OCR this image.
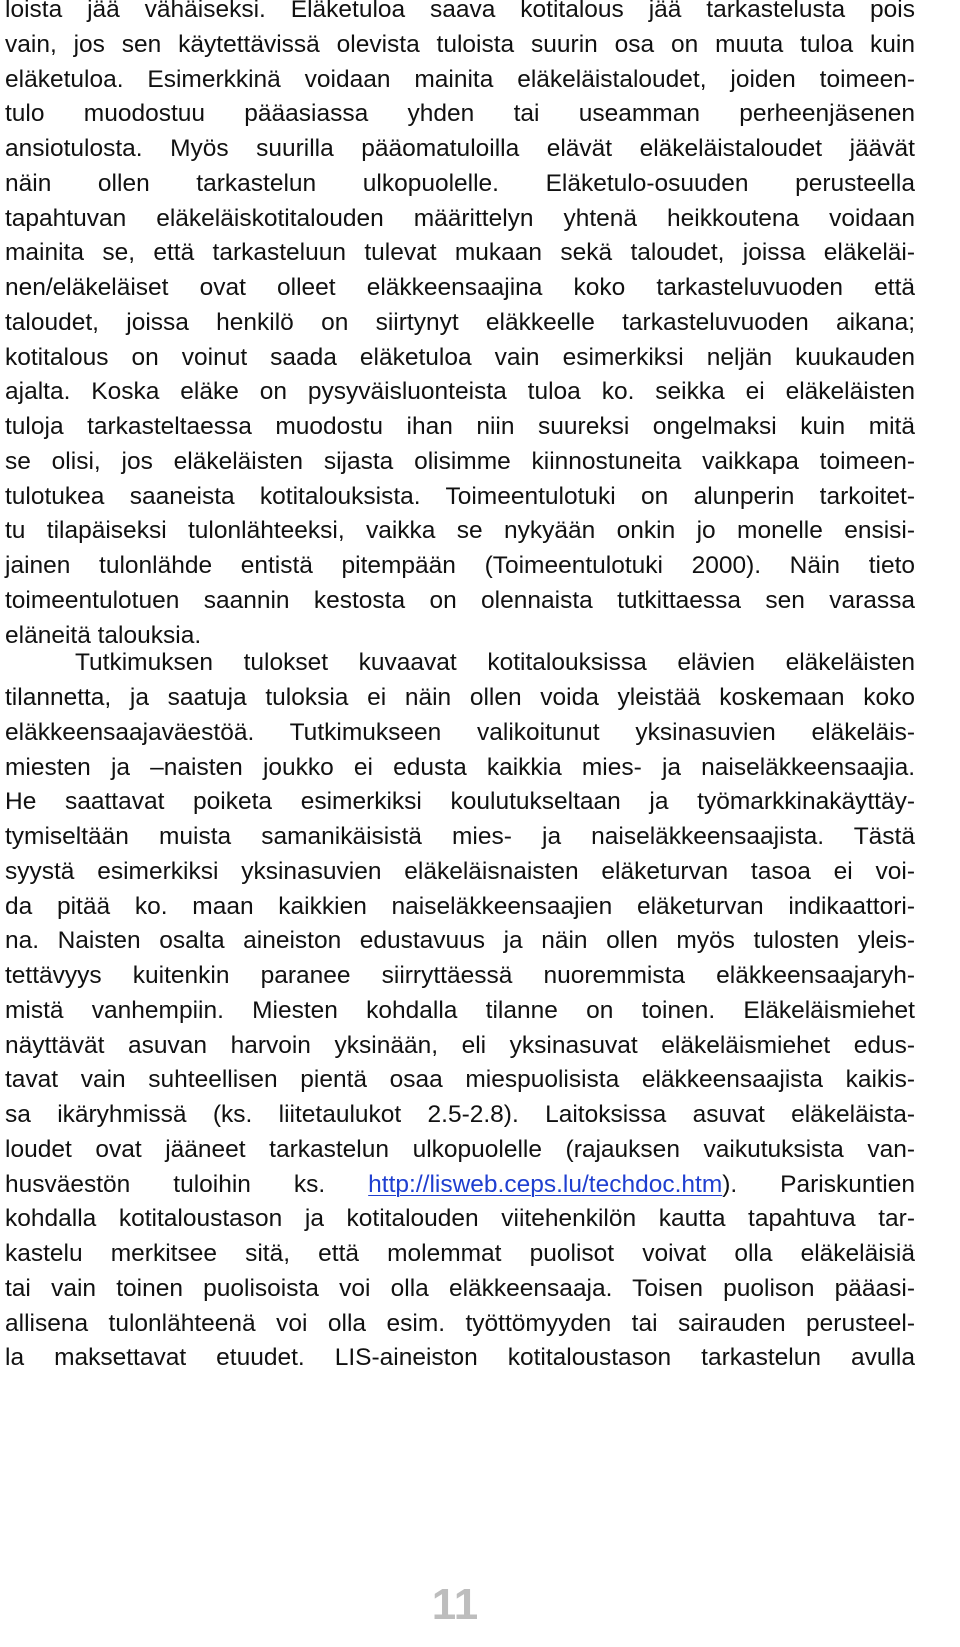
loista jää vähäiseksi. Eläketuloa saava kotitalous jää tarkastelusta pois
vain, jos sen käytettävissä olevista tuloista suurin osa on muuta tuloa kuin
eläketuloa. Esimerkkinä voidaan mainita eläkeläistaloudet, joiden toimeen-
tulo muodostuu pääasiassa yhden tai useamman perheenjäsenen
ansiotulosta. Myös suurilla pääomatuloilla elävät eläkeläistaloudet jäävät
näin ollen tarkastelun ulkopuolelle. Eläketulo-osuuden perusteella
tapahtuvan eläkeläiskotitalouden määrittelyn yhtenä heikkoutena voidaan
mainita se, että tarkasteluun tulevat mukaan sekä taloudet, joissa eläkeläi-
nen/eläkeläiset ovat olleet eläkkeensaajina koko tarkasteluvuoden että
taloudet, joissa henkilö on siirtynyt eläkkeelle tarkasteluvuoden aikana;
kotitalous on voinut saada eläketuloa vain esimerkiksi neljän kuukauden
ajalta. Koska eläke on pysyväisluonteista tuloa ko. seikka ei eläkeläisten
tuloja tarkasteltaessa muodostu ihan niin suureksi ongelmaksi kuin mitä
se olisi, jos eläkeläisten sijasta olisimme kiinnostuneita vaikkapa toimeen-
tulotukea saaneista kotitalouksista. Toimeentulotuki on alunperin tarkoitet-
tu tilapäiseksi tulonlähteeksi, vaikka se nykyään onkin jo monelle ensisi-
jainen tulonlähde entistä pitempään (Toimeentulotuki 2000). Näin tieto
toimeentulotuen saannin kestosta on olennaista tutkittaessa sen varassa
eläneitä talouksia.
Tutkimuksen tulokset kuvaavat kotitalouksissa elävien eläkeläisten
tilannetta, ja saatuja tuloksia ei näin ollen voida yleistää koskemaan koko
eläkkeensaajaväestöä. Tutkimukseen valikoitunut yksinasuvien eläkeläis-
miesten ja –naisten joukko ei edusta kaikkia mies- ja naiseläkkeensaajia.
He saattavat poiketa esimerkiksi koulutukseltaan ja työmarkkinakäyttäy-
tymiseltään muista samanikäisistä mies- ja naiseläkkeensaajista. Tästä
syystä esimerkiksi yksinasuvien eläkeläisnaisten eläketurvan tasoa ei voi-
da pitää ko. maan kaikkien naiseläkkeensaajien eläketurvan indikaattori-
na. Naisten osalta aineiston edustavuus ja näin ollen myös tulosten yleis-
tettävyys kuitenkin paranee siirryttäessä nuoremmista eläkkeensaajaryh-
mistä vanhempiin. Miesten kohdalla tilanne on toinen. Eläkeläismiehet
näyttävät asuvan harvoin yksinään, eli yksinasuvat eläkeläismiehet edus-
tavat vain suhteellisen pientä osaa miespuolisista eläkkeensaajista kaikis-
sa ikäryhmissä (ks. liitetaulukot 2.5-2.8). Laitoksissa asuvat eläkeläista-
loudet ovat jääneet tarkastelun ulkopuolelle (rajauksen vaikutuksista van-
husväestön tuloihin ks. http://lisweb.ceps.lu/techdoc.htm). Pariskuntien
kohdalla kotitaloustason ja kotitalouden viitehenkilön kautta tapahtuva tar-
kastelu merkitsee sitä, että molemmat puolisot voivat olla eläkeläisiä
tai vain toinen puolisoista voi olla eläkkeensaaja. Toisen puolison pääasi-
allisena tulonlähteenä voi olla esim. työttömyyden tai sairauden perusteel-
la maksettavat etuudet. LIS-aineiston kotitaloustason tarkastelun avulla
11
